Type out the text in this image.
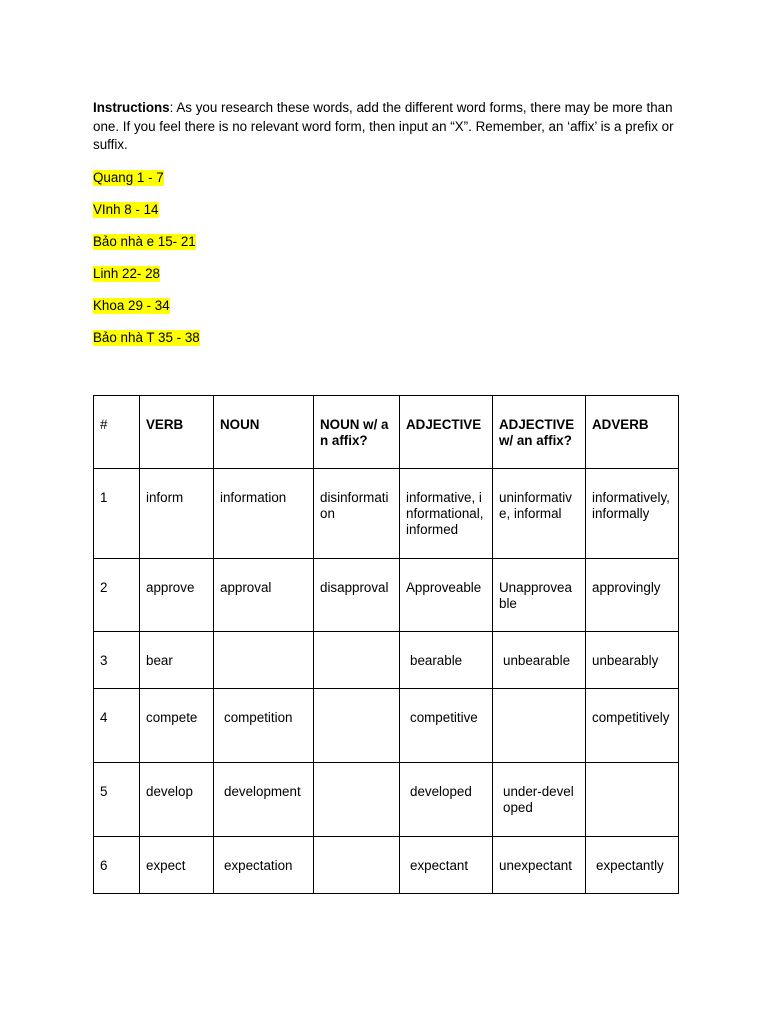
Instructions: As you research these words, add the different word forms, there may be more than one. If you feel there is no relevant word form, then input an “X”. Remember, an ‘affix’ is a prefix or suffix.

Quang 1 - 7
VInh 8 - 14
Bảo nhà e 15- 21
Linh 22- 28
Khoa 29 - 34
Bảo nhà T 35 - 38
#	VERB	NOUN	NOUN w/ an affix?	ADJECTIVE	ADJECTIVE w/ an affix?	ADVERB
1	inform	information	disinformation	informative, informational, informed	uninformative, informal	informatively, informally
2	approve	approval	disapproval	Approveable	Unapproveable	approvingly
3	bear			bearable	unbearable	unbearably
4	compete	competition		competitive		competitively
5	develop	development		developed	under-developed	
6	expect	expectation		expectant	unexpectant	expectantly
